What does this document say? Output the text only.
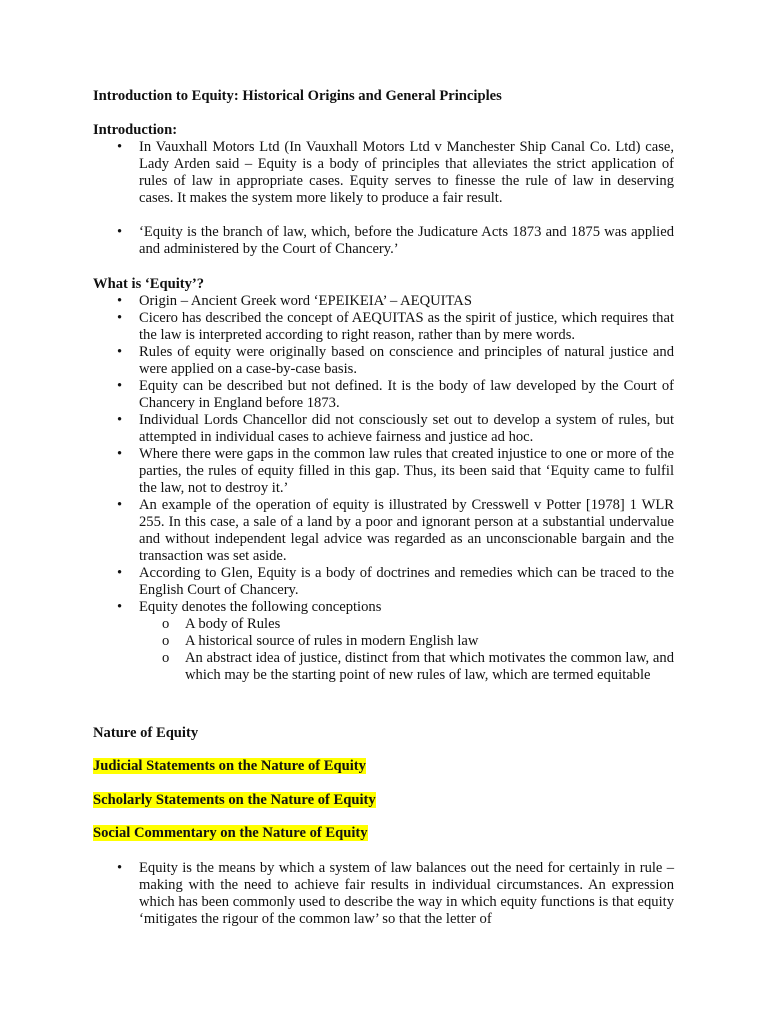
Introduction to Equity: Historical Origins and General Principles
Introduction:
• In Vauxhall Motors Ltd (In Vauxhall Motors Ltd v Manchester Ship Canal Co. Ltd) case, Lady Arden said – Equity is a body of principles that alleviates the strict application of rules of law in appropriate cases. Equity serves to finesse the rule of law in deserving cases. It makes the system more likely to produce a fair result.
• ‘Equity is the branch of law, which, before the Judicature Acts 1873 and 1875 was applied and administered by the Court of Chancery.’
What is ‘Equity’?
• Origin – Ancient Greek word ‘EPEIKEIA’ – AEQUITAS
• Cicero has described the concept of AEQUITAS as the spirit of justice, which requires that the law is interpreted according to right reason, rather than by mere words.
• Rules of equity were originally based on conscience and principles of natural justice and were applied on a case-by-case basis.
• Equity can be described but not defined. It is the body of law developed by the Court of Chancery in England before 1873.
• Individual Lords Chancellor did not consciously set out to develop a system of rules, but attempted in individual cases to achieve fairness and justice ad hoc.
• Where there were gaps in the common law rules that created injustice to one or more of the parties, the rules of equity filled in this gap. Thus, its been said that ‘Equity came to fulfil the law, not to destroy it.’
• An example of the operation of equity is illustrated by Cresswell v Potter [1978] 1 WLR 255. In this case, a sale of a land by a poor and ignorant person at a substantial undervalue and without independent legal advice was regarded as an unconscionable bargain and the transaction was set aside.
• According to Glen, Equity is a body of doctrines and remedies which can be traced to the English Court of Chancery.
• Equity denotes the following conceptions
o A body of Rules
o A historical source of rules in modern English law
o An abstract idea of justice, distinct from that which motivates the common law, and which may be the starting point of new rules of law, which are termed equitable
Nature of Equity
Judicial Statements on the Nature of Equity
Scholarly Statements on the Nature of Equity
Social Commentary on the Nature of Equity
• Equity is the means by which a system of law balances out the need for certainly in rule – making with the need to achieve fair results in individual circumstances. An expression which has been commonly used to describe the way in which equity functions is that equity ‘mitigates the rigour of the common law’ so that the letter of
